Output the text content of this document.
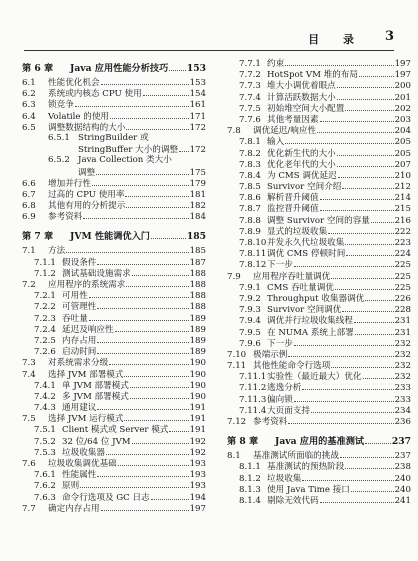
目 录 3
第 6 章	Java 应用性能分析技巧 153
6.1	性能优化机会	153
6.2	系统或内核态 CPU 使用	154
6.3	锁竞争	161
6.4	Volatile 的使用	171
6.5	调整数据结构的大小	172
6.5.1 StringBuilder 或
StringBuffer 大小的调整 172
6.5.2 Java Collection 类大小
调整	175
6.6	增加并行性	179
6.7	过高的 CPU 使用率	181
6.8	其他有用的分析提示	182
6.9	参考资料	184
第 7 章	JVM 性能调优入门	185
7.1	方法	185
7.1.1 假设条件	187
7.1.2 测试基础设施需求	188
7.2	应用程序的系统需求	188
7.2.1 可用性	188
7.2.2 可管理性	188
7.2.3 吞吐量	189
7.2.4 延迟及响应性	189
7.2.5 内存占用	189
7.2.6 启动时间	189
7.3	对系统需求分级	190
7.4	选择 JVM 部署模式	190
7.4.1 单 JVM 部署模式	190
7.4.2 多 JVM 部署模式	190
7.4.3 通用建议	191
7.5	选择 JVM 运行模式	191
7.5.1 Client 模式或 Server 模式 191
7.5.2 32 位/64 位 JVM	192
7.5.3 垃圾收集器	192
7.6	垃圾收集调优基础	193
7.6.1 性能属性	193
7.6.2 原则	193
7.6.3 命令行选项及 GC 日志	194
7.7	确定内存占用	197
7.7.1 约束	197
7.7.2 HotSpot VM 堆的布局	197
7.7.3 堆大小调优着眼点	200
7.7.4 计算活跃数据大小	201
7.7.5 初始堆空间大小配置	202
7.7.6 其他考量因素	203
7.8	调优延迟/响应性	204
7.8.1 输入	205
7.8.2 优化新生代的大小	205
7.8.3 优化老年代的大小	207
7.8.4 为 CMS 调优延迟	210
7.8.5 Survivor 空间介绍	212
7.8.6 解析晋升阈值	214
7.8.7 监控晋升阈值	215
7.8.8 调整 Survivor 空间的容量	216
7.8.9 显式的垃圾收集	222
7.8.10 并发永久代垃圾收集	223
7.8.11 调优 CMS 停顿时间	224
7.8.12 下一步	225
7.9	应用程序吞吐量调优	225
7.9.1 CMS 吞吐量调优	225
7.9.2 Throughput 收集器调优	226
7.9.3 Survivor 空间调优	228
7.9.4 调优并行垃圾收集线程	231
7.9.5 在 NUMA 系统上部署	231
7.9.6 下一步	232
7.10 极端示例	232
7.11 其他性能命令行选项	232
7.11.1 实验性（最近最大）优化	232
7.11.2 逃逸分析	233
7.11.3 偏向锁	233
7.11.4 大页面支持	234
7.12 参考资料	236
第 8 章	Java 应用的基准测试	237
8.1	基准测试所面临的挑战	237
8.1.1 基准测试的预热阶段	238
8.1.2 垃圾收集	240
8.1.3 使用 Java Time 接口	240
8.1.4 剔除无效代码	241
